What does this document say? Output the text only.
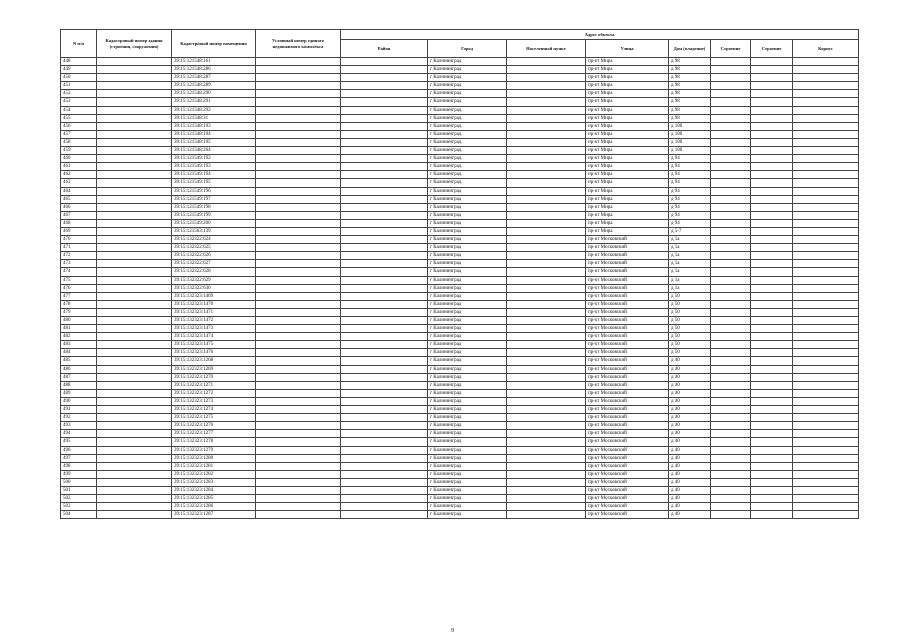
N п/п	Кадастровый номер здания (строения, сооружения)	Кадастровый номер помещения	Условный номер единого недвижимого комплекса	Адрес объекта							
				Район	Город	Населенный пункт	Улица	Дом (владение)	Строение	Строение	Корпус
448		39:15:121548:161			г Калининград		пр-кт Мира	д 98			
449		39:15:121548:286			г Калининград		пр-кт Мира	д 98			
450		39:15:121548:287			г Калининград		пр-кт Мира	д 98			
451		39:15:121548:289			г Калининград		пр-кт Мира	д 98			
452		39:15:121548:290			г Калининград		пр-кт Мира	д 98			
453		39:15:121548:291			г Калининград		пр-кт Мира	д 98			
454		39:15:121548:292			г Калининград		пр-кт Мира	д 98			
455		39:15:121548:31			г Калининград		пр-кт Мира	д 98			
456		39:15:121548:193			г Калининград		пр-кт Мира	д 100			
457		39:15:121548:194			г Калининград		пр-кт Мира	д 100			
458		39:15:121548:195			г Калининград		пр-кт Мира	д 100			
459		39:15:121548:264			г Калининград		пр-кт Мира	д 100			
460		39:15:121549:192			г Калининград		пр-кт Мира	д 94			
461		39:15:121549:193			г Калининград		пр-кт Мира	д 94			
462		39:15:121549:194			г Калининград		пр-кт Мира	д 94			
463		39:15:121549:195			г Калининград		пр-кт Мира	д 94			
464		39:15:121549:196			г Калининград		пр-кт Мира	д 94			
465		39:15:121549:197			г Калининград		пр-кт Мира	д 94			
466		39:15:121549:198			г Калининград		пр-кт Мира	д 94			
467		39:15:121549:199			г Калининград		пр-кт Мира	д 94			
468		39:15:121549:200			г Калининград		пр-кт Мира	д 94			
469		39:15:121563:139			г Калининград		пр-кт Мира	д 5-7			
470		39:15:132322:624			г Калининград		пр-кт Московский	д 1а			
471		39:15:132322:625			г Калининград		пр-кт Московский	д 1а			
472		39:15:132322:626			г Калининград		пр-кт Московский	д 1а			
473		39:15:132322:627			г Калининград		пр-кт Московский	д 1а			
474		39:15:132322:628			г Калининград		пр-кт Московский	д 1а			
475		39:15:132322:629			г Калининград		пр-кт Московский	д 1а			
476		39:15:132322:630			г Калининград		пр-кт Московский	д 1а			
477		39:15:132323:1469			г Калининград		пр-кт Московский	д 50			
478		39:15:132323:1470			г Калининград		пр-кт Московский	д 50			
479		39:15:132323:1471			г Калининград		пр-кт Московский	д 50			
480		39:15:132323:1472			г Калининград		пр-кт Московский	д 50			
481		39:15:132323:1473			г Калининград		пр-кт Московский	д 50			
482		39:15:132323:1474			г Калининград		пр-кт Московский	д 50			
483		39:15:132323:1475			г Калининград		пр-кт Московский	д 50			
484		39:15:132323:1476			г Калининград		пр-кт Московский	д 50			
485		39:15:132323:1268			г Калининград		пр-кт Московский	д 40			
486		39:15:132323:1269			г Калининград		пр-кт Московский	д 40			
487		39:15:132323:1270			г Калининград		пр-кт Московский	д 40			
488		39:15:132323:1271			г Калининград		пр-кт Московский	д 40			
489		39:15:132323:1272			г Калининград		пр-кт Московский	д 40			
490		39:15:132323:1273			г Калининград		пр-кт Московский	д 40			
491		39:15:132323:1274			г Калининград		пр-кт Московский	д 40			
492		39:15:132323:1275			г Калининград		пр-кт Московский	д 40			
493		39:15:132323:1276			г Калининград		пр-кт Московский	д 40			
494		39:15:132323:1277			г Калининград		пр-кт Московский	д 40			
495		39:15:132323:1278			г Калининград		пр-кт Московский	д 40			
496		39:15:132323:1279			г Калининград		пр-кт Московский	д 40			
497		39:15:132323:1280			г Калининград		пр-кт Московский	д 40			
498		39:15:132323:1281			г Калининград		пр-кт Московский	д 40			
499		39:15:132323:1282			г Калининград		пр-кт Московский	д 40			
500		39:15:132323:1283			г Калининград		пр-кт Московский	д 40			
501		39:15:132323:1284			г Калининград		пр-кт Московский	д 40			
502		39:15:132323:1285			г Калининград		пр-кт Московский	д 40			
503		39:15:132323:1286			г Калининград		пр-кт Московский	д 40			
504		39:15:132323:1287			г Калининград		пр-кт Московский	д 40			
9
